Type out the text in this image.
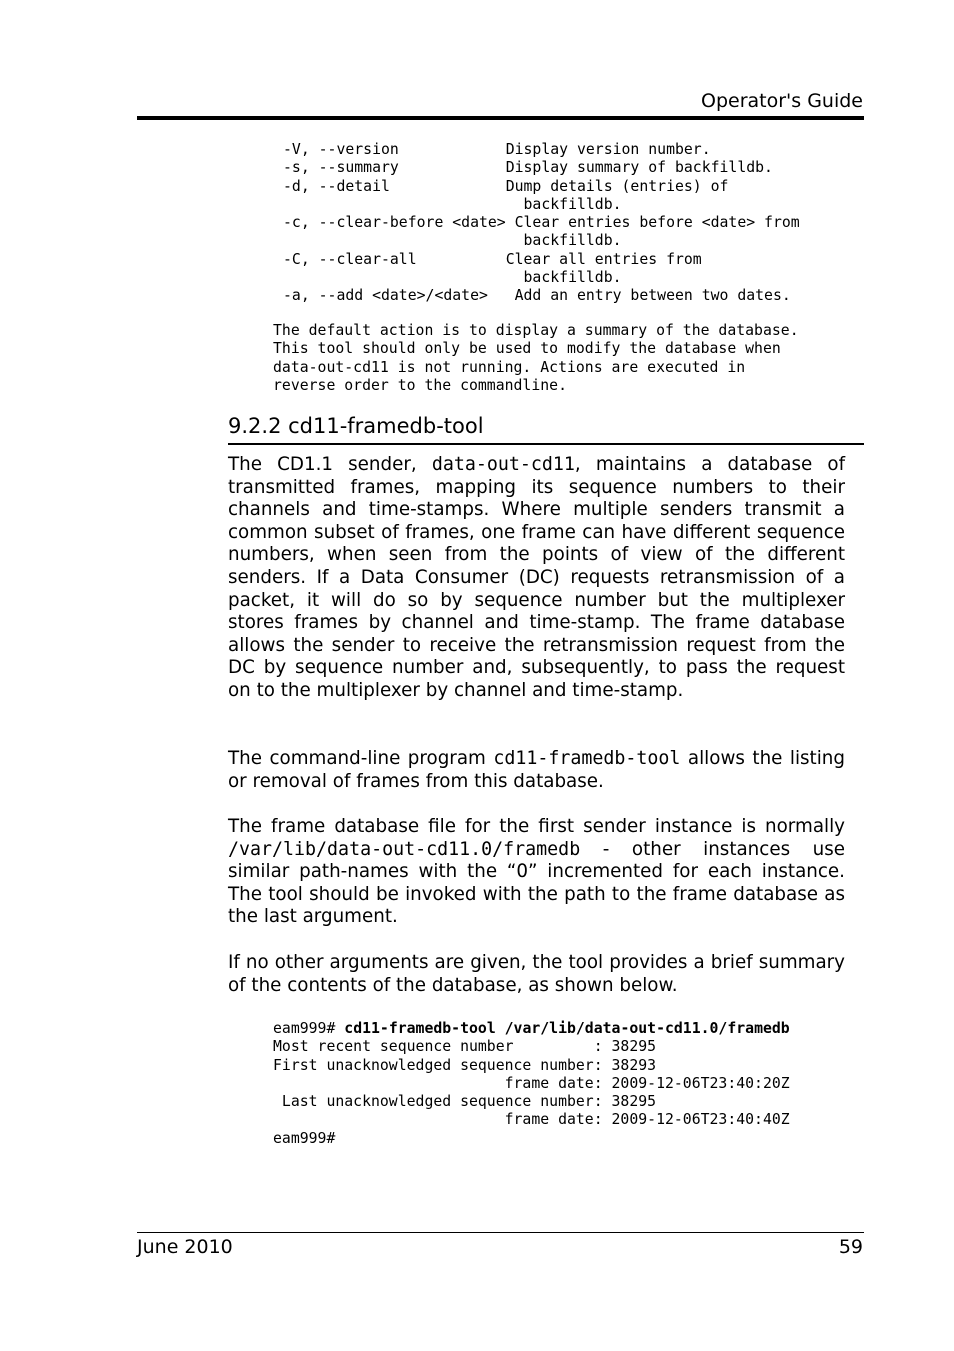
Operator's Guide
-V, --version            Display version number.
-s, --summary            Display summary of backfilldb.
-d, --detail             Dump details (entries) of
backfilldb.
-c, --clear-before <date> Clear entries before <date> from
backfilldb.
-C, --clear-all          Clear all entries from
backfilldb.
-a, --add <date>/<date>   Add an entry between two dates.
The default action is to display a summary of the database.
This tool should only be used to modify the database when
data-out-cd11 is not running. Actions are executed in
reverse order to the commandline.
9.2.2 cd11-framedb-tool

The CD1.1 sender, data-out-cd11, maintains a database of transmitted frames, mapping its sequence numbers to their channels and time-stamps. Where multiple senders transmit a common subset of frames, one frame can have different sequence numbers, when seen from the points of view of the different senders. If a Data Consumer (DC) requests retransmission of a packet, it will do so by sequence number but the multiplexer stores frames by channel and time-stamp. The frame database allows the sender to receive the retransmission request from the DC by sequence number and, subsequently, to pass the request on to the multiplexer by channel and time-stamp.

The command-line program cd11-framedb-tool allows the listing or removal of frames from this database.

The frame database file for the first sender instance is normally /var/lib/data-out-cd11.0/framedb - other instances use similar path-names with the “0” incremented for each instance. The tool should be invoked with the path to the frame database as the last argument.

If no other arguments are given, the tool provides a brief summary of the contents of the database, as shown below.

eam999# cd11-framedb-tool /var/lib/data-out-cd11.0/framedb
Most recent sequence number         : 38295
First unacknowledged sequence number: 38293
frame date: 2009-12-06T23:40:20Z
Last unacknowledged sequence number: 38295
frame date: 2009-12-06T23:40:40Z
eam999#
June 2010	59
